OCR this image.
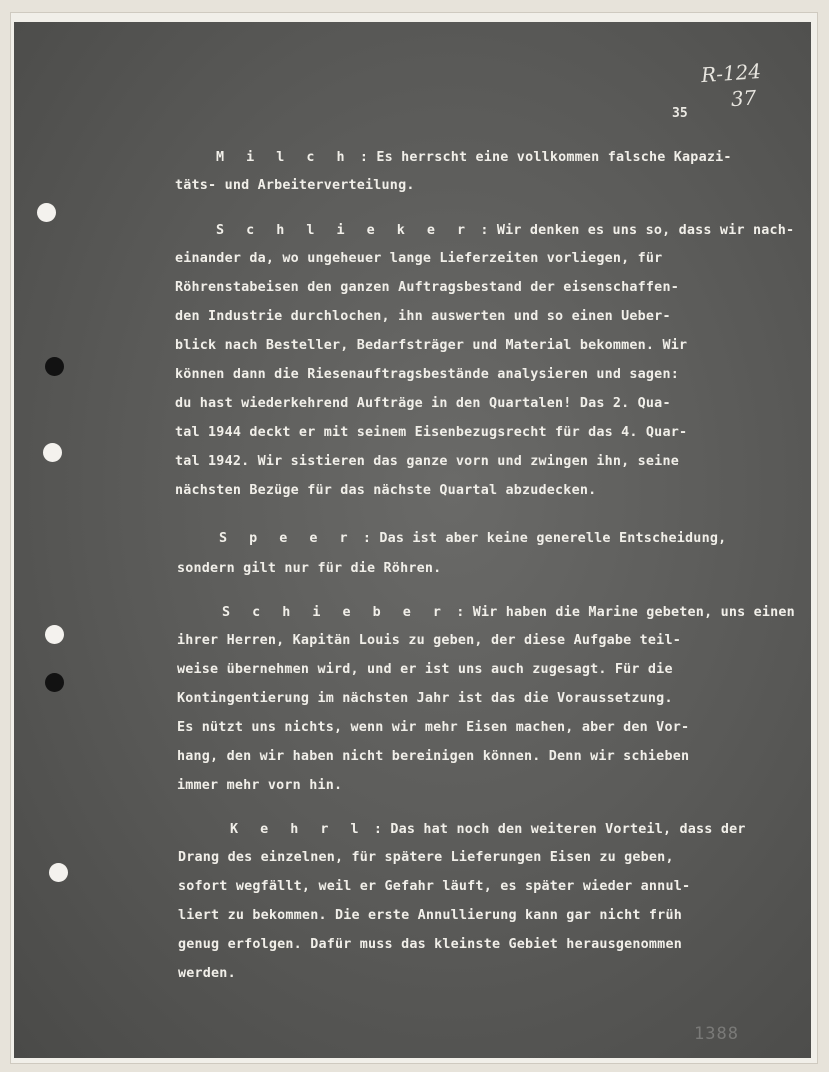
R-124
37
35
1388
M i l c h : Es herrscht eine vollkommen falsche Kapazi-
täts- und Arbeiterverteilung.
S c h l i e k e r : Wir denken es uns so, dass wir nach-
einander da, wo ungeheuer lange Lieferzeiten vorliegen, für
Röhrenstabeisen den ganzen Auftragsbestand der eisenschaffen-
den Industrie durchlochen, ihn auswerten und so einen Ueber-
blick nach Besteller, Bedarfsträger und Material bekommen. Wir
können dann die Riesenauftragsbestände analysieren und sagen:
du hast wiederkehrend Aufträge in den Quartalen! Das 2. Qua-
tal 1944 deckt er mit seinem Eisenbezugsrecht für das 4. Quar-
tal 1942. Wir sistieren das ganze vorn und zwingen ihn, seine
nächsten Bezüge für das nächste Quartal abzudecken.
S p e e r : Das ist aber keine generelle Entscheidung,
sondern gilt nur für die Röhren.
S c h i e b e r : Wir haben die Marine gebeten, uns einen
ihrer Herren, Kapitän Louis zu geben, der diese Aufgabe teil-
weise übernehmen wird, und er ist uns auch zugesagt. Für die
Kontingentierung im nächsten Jahr ist das die Voraussetzung.
Es nützt uns nichts, wenn wir mehr Eisen machen, aber den Vor-
hang, den wir haben nicht bereinigen können. Denn wir schieben
immer mehr vorn hin.
K e h r l : Das hat noch den weiteren Vorteil, dass der
Drang des einzelnen, für spätere Lieferungen Eisen zu geben,
sofort wegfällt, weil er Gefahr läuft, es später wieder annul-
liert zu bekommen. Die erste Annullierung kann gar nicht früh
genug erfolgen. Dafür muss das kleinste Gebiet herausgenommen
werden.
